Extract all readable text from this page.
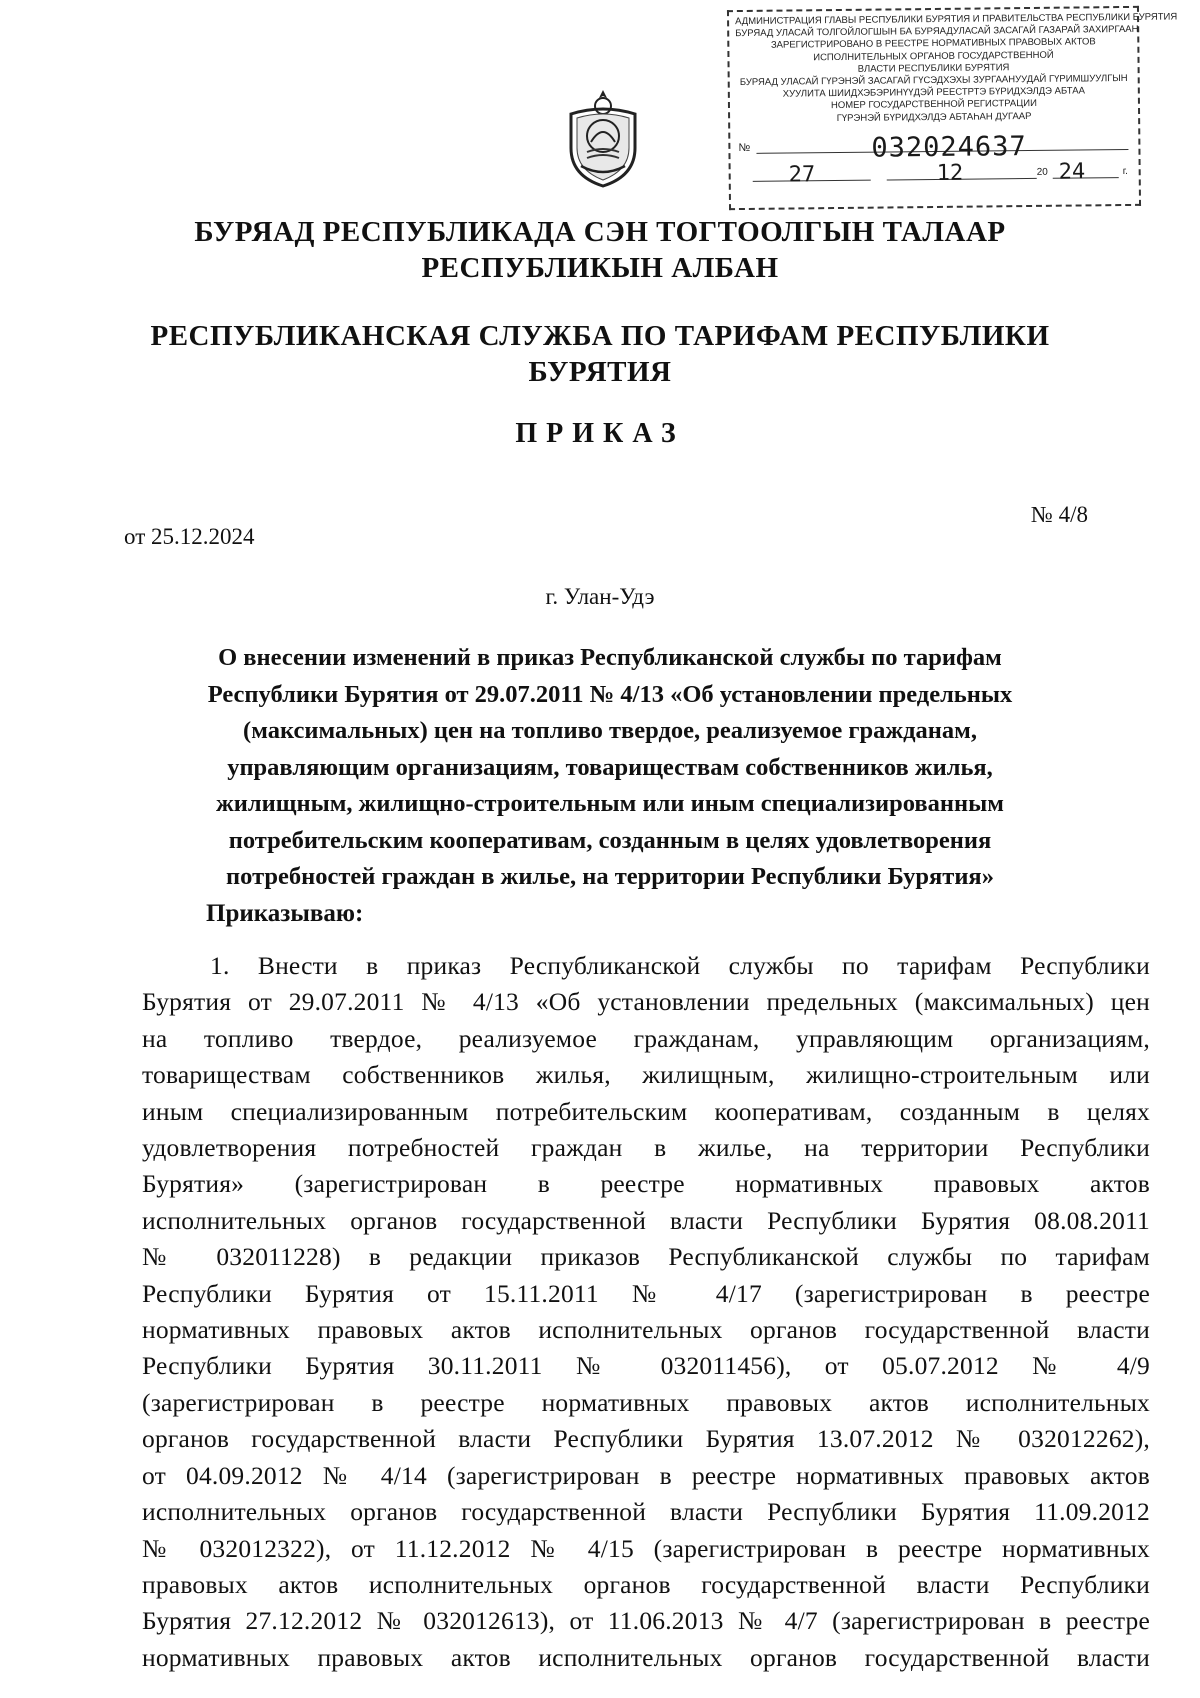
АДМИНИСТРАЦИЯ ГЛАВЫ РЕСПУБЛИКИ БУРЯТИЯ И ПРАВИТЕЛЬСТВА РЕСПУБЛИКИ БУРЯТИЯ
БУРЯАД УЛАСАЙ ТОЛГОЙЛОГШЫН БА БУРЯАДУЛАСАЙ ЗАСАГАЙ ГАЗАРАЙ ЗАХИРГААН
ЗАРЕГИСТРИРОВАНО В РЕЕСТРЕ НОРМАТИВНЫХ ПРАВОВЫХ АКТОВ
ИСПОЛНИТЕЛЬНЫХ ОРГАНОВ ГОСУДАРСТВЕННОЙ
ВЛАСТИ РЕСПУБЛИКИ БУРЯТИЯ
БУРЯАД УЛАСАЙ ГҮРЭНЭЙ ЗАСАГАЙ ГҮСЭДХЭХЫ ЗУРГААНУУДАЙ ГҮРИМШУУЛГЫН
ХУУЛИТА ШИИДХЭБЭРИНҮҮДЭЙ РЕЕСТРТЭ БҮРИДХЭЛДЭ АБТАА
НОМЕР ГОСУДАРСТВЕННОЙ РЕГИСТРАЦИИ
ГҮРЭНЭЙ БҮРИДХЭЛДЭ АБТАҺАН ДУГААР
№	032024637
27	12	20 24	г.
БУРЯАД РЕСПУБЛИКАДА СЭН ТОГТООЛГЫН ТАЛААР
РЕСПУБЛИКЫН АЛБАН
РЕСПУБЛИКАНСКАЯ СЛУЖБА ПО ТАРИФАМ РЕСПУБЛИКИ
БУРЯТИЯ
ПРИКАЗ
от 25.12.2024
№ 4/8
г. Улан-Удэ
О внесении изменений в приказ Республиканской службы по тарифам
Республики Бурятия от 29.07.2011 № 4/13 «Об установлении предельных
(максимальных) цен на топливо твердое, реализуемое гражданам,
управляющим организациям, товариществам собственников жилья,
жилищным, жилищно-строительным или иным специализированным
потребительским кооперативам, созданным в целях удовлетворения
потребностей граждан в жилье, на территории Республики Бурятия»
Приказываю:
1. Внести в приказ Республиканской службы по тарифам Республики
Бурятия от 29.07.2011 № 4/13 «Об установлении предельных (максимальных) цен
на топливо твердое, реализуемое гражданам, управляющим организациям,
товариществам собственников жилья, жилищным, жилищно-строительным или
иным специализированным потребительским кооперативам, созданным в целях
удовлетворения потребностей граждан в жилье, на территории Республики
Бурятия» (зарегистрирован в реестре нормативных правовых актов
исполнительных органов государственной власти Республики Бурятия 08.08.2011
№ 032011228) в редакции приказов Республиканской службы по тарифам
Республики Бурятия от 15.11.2011 № 4/17 (зарегистрирован в реестре
нормативных правовых актов исполнительных органов государственной власти
Республики Бурятия 30.11.2011 № 032011456), от 05.07.2012 № 4/9
(зарегистрирован в реестре нормативных правовых актов исполнительных
органов государственной власти Республики Бурятия 13.07.2012 № 032012262),
от 04.09.2012 № 4/14 (зарегистрирован в реестре нормативных правовых актов
исполнительных органов государственной власти Республики Бурятия 11.09.2012
№ 032012322), от 11.12.2012 № 4/15 (зарегистрирован в реестре нормативных
правовых актов исполнительных органов государственной власти Республики
Бурятия 27.12.2012 № 032012613), от 11.06.2013 № 4/7 (зарегистрирован в реестре
нормативных правовых актов исполнительных органов государственной власти
